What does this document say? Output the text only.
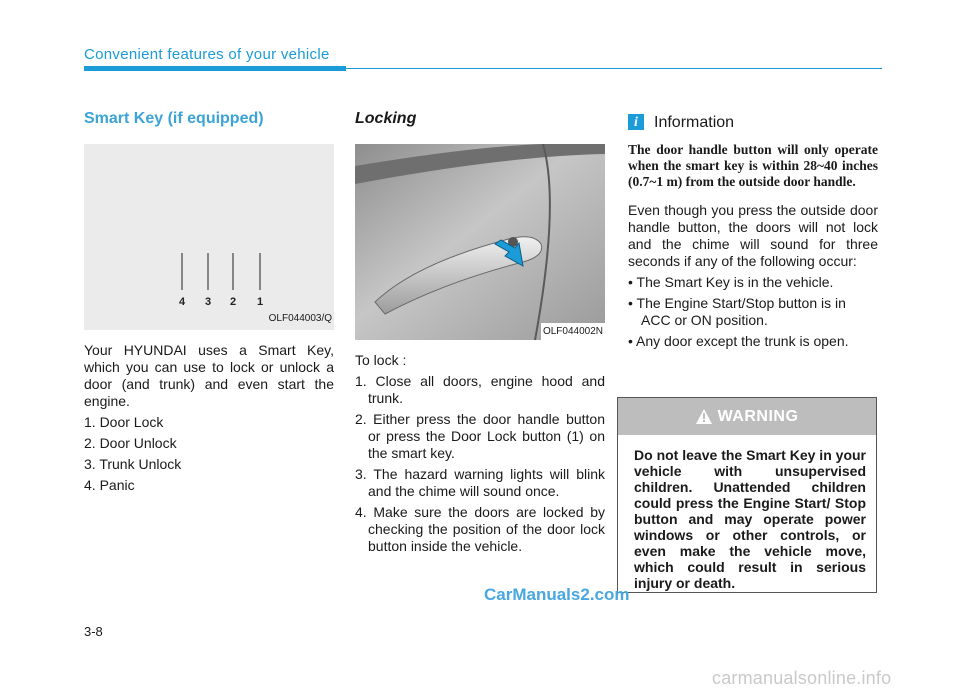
Convenient features of your vehicle
Smart Key (if equipped)
4 3 2 1
OLF044003/Q

Your HYUNDAI uses a Smart Key, which you can use to lock or unlock a door (and trunk) and even start the engine.

1. Door Lock
2. Door Unlock
3. Trunk Unlock
4. Panic
Locking
OLF044002N

To lock :

1. Close all doors, engine hood and trunk.
2. Either press the door handle button or press the Door Lock button (1) on the smart key.
3. The hazard warning lights will blink and the chime will sound once.
4. Make sure the doors are locked by checking the position of the door lock button inside the vehicle.
i	Information
The door handle button will only operate when the smart key is within 28~40 inches (0.7~1 m) from the outside door handle.

Even though you press the outside door handle button, the doors will not lock and the chime will sound for three seconds if any of the following occur:

• The Smart Key is in the vehicle.
• The Engine Start/Stop button is in ACC or ON position.
• Any door except the trunk is open.
WARNING
Do not leave the Smart Key in your vehicle with unsupervised children. Unattended children could press the Engine Start/ Stop button and may operate power windows or other controls, or even make the vehicle move, which could result in serious injury or death.
CarManuals2.com
3-8
carmanualsonline.info
